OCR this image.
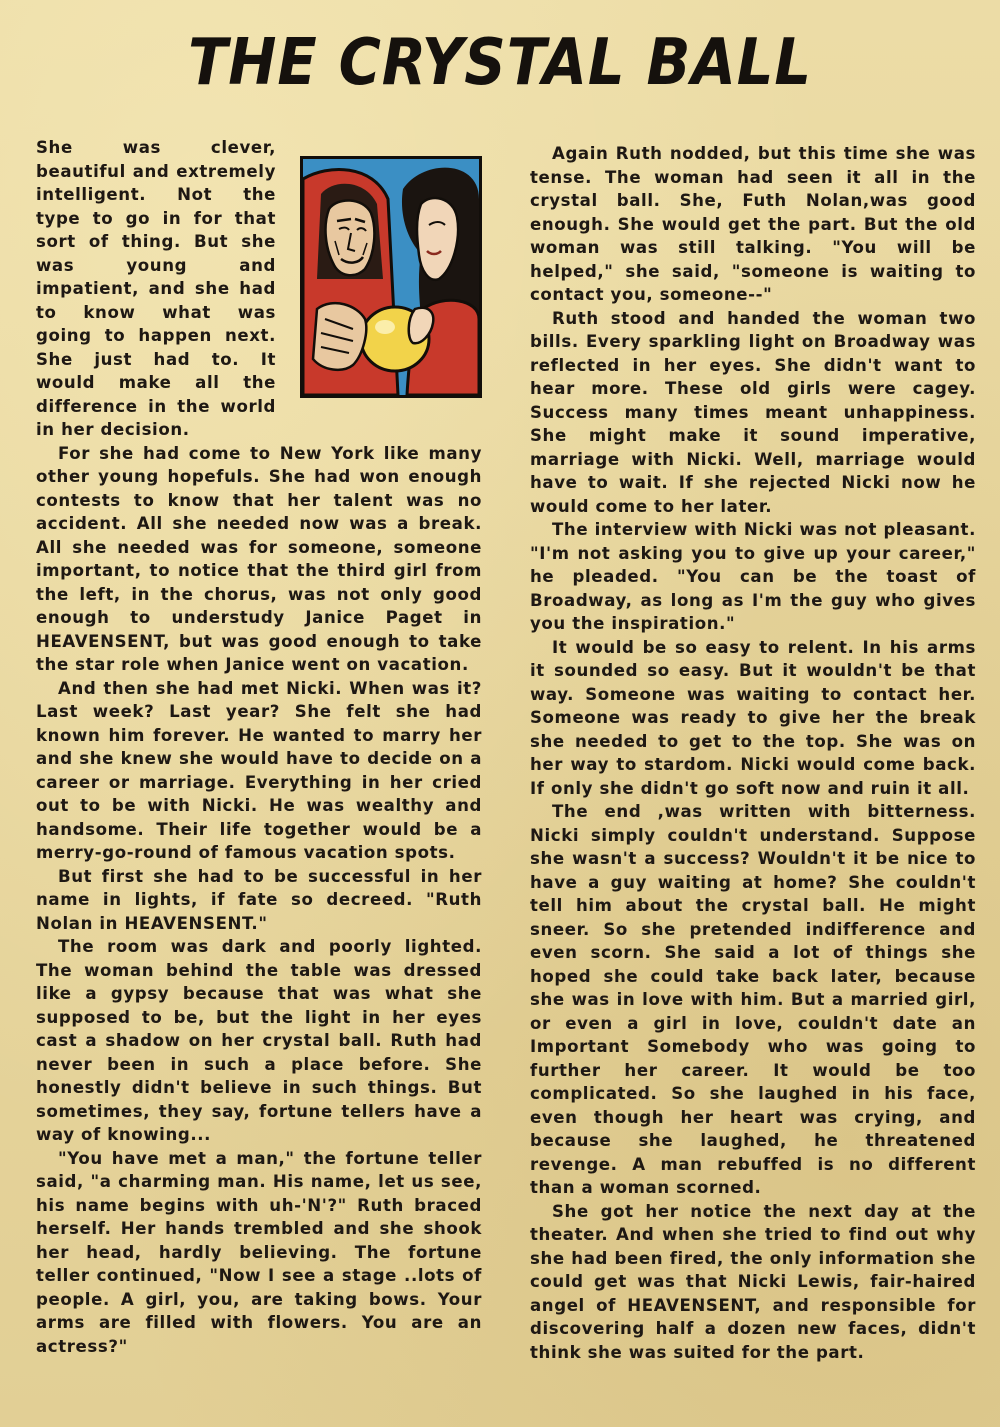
THE CRYSTAL BALL

She was clever, beautiful and extremely intelligent. Not the type to go in for that sort of thing. But she was young and impatient, and she had to know what was going to happen next. She just had to. It would make all the difference in the world in her decision.

For she had come to New York like many other young hopefuls. She had won enough contests to know that her talent was no accident. All she needed now was a break. All she needed was for someone, someone important, to notice that the third girl from the left, in the chorus, was not only good enough to understudy Janice Paget in HEAVENSENT, but was good enough to take the star role when Janice went on vacation.

And then she had met Nicki. When was it? Last week? Last year? She felt she had known him forever. He wanted to marry her and she knew she would have to decide on a career or marriage. Everything in her cried out to be with Nicki. He was wealthy and handsome. Their life together would be a merry-go-round of famous vacation spots.

But first she had to be successful in her name in lights, if fate so decreed. "Ruth Nolan in HEAVENSENT."

The room was dark and poorly lighted. The woman behind the table was dressed like a gypsy because that was what she supposed to be, but the light in her eyes cast a shadow on her crystal ball. Ruth had never been in such a place before. She honestly didn't believe in such things. But sometimes, they say, fortune tellers have a way of knowing...

"You have met a man," the fortune teller said, "a charming man. His name, let us see, his name begins with uh-'N'?" Ruth braced herself. Her hands trembled and she shook her head, hardly believing. The fortune teller continued, "Now I see a stage ..lots of people. A girl, you, are taking bows. Your arms are filled with flowers. You are an actress?"

Again Ruth nodded, but this time she was tense. The woman had seen it all in the crystal ball. She, Futh Nolan,was good enough. She would get the part. But the old woman was still talking. "You will be helped," she said, "someone is waiting to contact you, someone--"

Ruth stood and handed the woman two bills. Every sparkling light on Broadway was reflected in her eyes. She didn't want to hear more. These old girls were cagey. Success many times meant unhappiness. She might make it sound imperative, marriage with Nicki. Well, marriage would have to wait. If she rejected Nicki now he would come to her later.

The interview with Nicki was not pleasant. "I'm not asking you to give up your career," he pleaded. "You can be the toast of Broadway, as long as I'm the guy who gives you the inspiration."

It would be so easy to relent. In his arms it sounded so easy. But it wouldn't be that way. Someone was waiting to contact her. Someone was ready to give her the break she needed to get to the top. She was on her way to stardom. Nicki would come back. If only she didn't go soft now and ruin it all.

The end ,was written with bitterness. Nicki simply couldn't understand. Suppose she wasn't a success? Wouldn't it be nice to have a guy waiting at home? She couldn't tell him about the crystal ball. He might sneer. So she pretended indifference and even scorn. She said a lot of things she hoped she could take back later, because she was in love with him. But a married girl, or even a girl in love, couldn't date an Important Somebody who was going to further her career. It would be too complicated. So she laughed in his face, even though her heart was crying, and because she laughed, he threatened revenge. A man rebuffed is no different than a woman scorned.

She got her notice the next day at the theater. And when she tried to find out why she had been fired, the only information she could get was that Nicki Lewis, fair-haired angel of HEAVENSENT, and responsible for discovering half a dozen new faces, didn't think she was suited for the part.
